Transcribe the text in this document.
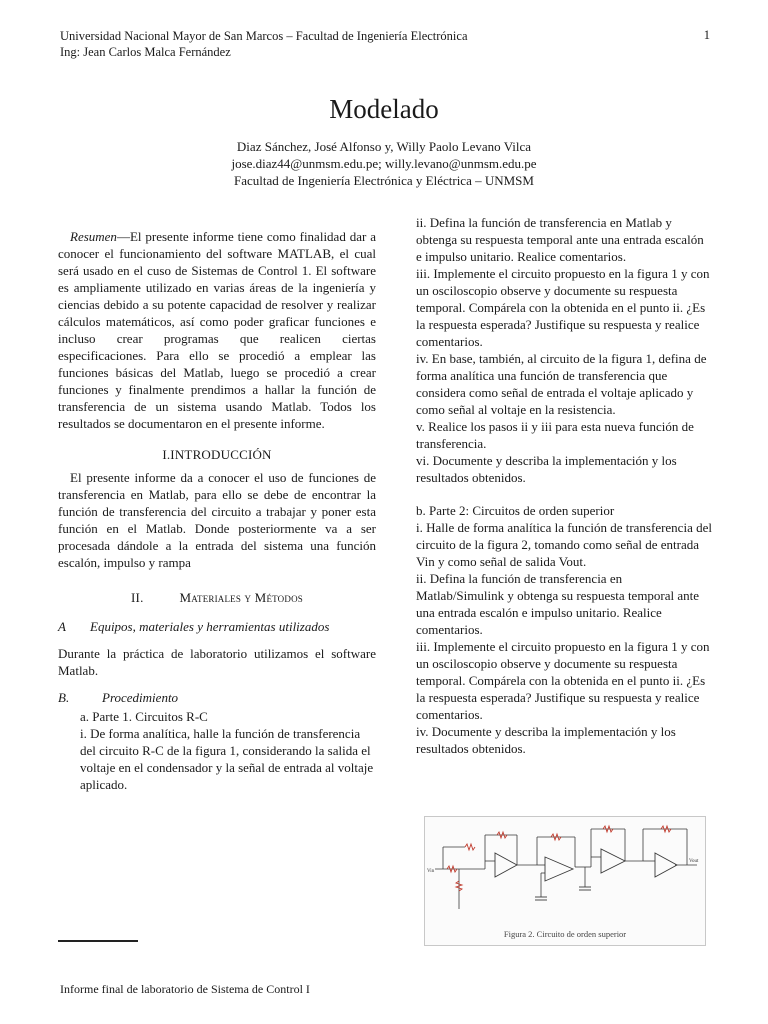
Universidad Nacional Mayor de San Marcos – Facultad de Ingeniería Electrónica
Ing: Jean Carlos Malca Fernández
1
Modelado
Diaz Sánchez, José Alfonso y, Willy Paolo Levano Vilca
jose.diaz44@unmsm.edu.pe; willy.levano@unmsm.edu.pe
Facultad de Ingeniería Electrónica y Eléctrica – UNMSM

Resumen—El presente informe tiene como finalidad dar a conocer el funcionamiento del software MATLAB, el cual será usado en el cuso de Sistemas de Control 1. El software es ampliamente utilizado en varias áreas de la ingeniería y ciencias debido a su potente capacidad de resolver y realizar cálculos matemáticos, así como poder graficar funciones e incluso crear programas que realicen ciertas especificaciones. Para ello se procedió a emplear las funciones básicas del Matlab, luego se procedió a crear funciones y finalmente prendimos a hallar la función de transferencia de un sistema usando Matlab. Todos los resultados se documentaron en el presente informe.

I.INTRODUCCIÓN

El presente informe da a conocer el uso de funciones de transferencia en Matlab, para ello se debe de encontrar la función de transferencia del circuito a trabajar y poner esta función en el Matlab. Donde posteriormente va a ser procesada dándole a la entrada del sistema una función escalón, impulso y rampa

II.	Materiales y Métodos
A Equipos, materiales y herramientas utilizados

Durante la práctica de laboratorio utilizamos el software Matlab.

B.	Procedimiento

a. Parte 1. Circuitos R-C

i. De forma analítica, halle la función de transferencia del circuito R-C de la figura 1, considerando la salida el voltaje en el condensador y la señal de entrada al voltaje aplicado.

ii. Defina la función de transferencia en Matlab y obtenga su respuesta temporal ante una entrada escalón e impulso unitario. Realice comentarios.

iii. Implemente el circuito propuesto en la figura 1 y con un osciloscopio observe y documente su respuesta temporal. Compárela con la obtenida en el punto ii. ¿Es la respuesta esperada? Justifique su respuesta y realice comentarios.

iv. En base, también, al circuito de la figura 1, defina de forma analítica una función de transferencia que considera como señal de entrada el voltaje aplicado y como señal al voltaje en la resistencia.

v. Realice los pasos ii y iii para esta nueva función de transferencia.

vi. Documente y describa la implementación y los resultados obtenidos.

b. Parte 2: Circuitos de orden superior

i. Halle de forma analítica la función de transferencia del circuito de la figura 2, tomando como señal de entrada Vin y como señal de salida Vout.

ii. Defina la función de transferencia en Matlab/Simulink y obtenga su respuesta temporal ante una entrada escalón e impulso unitario. Realice comentarios.

iii. Implemente el circuito propuesto en la figura 1 y con un osciloscopio observe y documente su respuesta temporal. Compárela con la obtenida en el punto ii. ¿Es la respuesta esperada? Justifique su respuesta y realice comentarios.

iv. Documente y describa la implementación y los resultados obtenidos.

Vin
Vout
Figura 2. Circuito de orden superior
Informe final de laboratorio de Sistema de Control I
